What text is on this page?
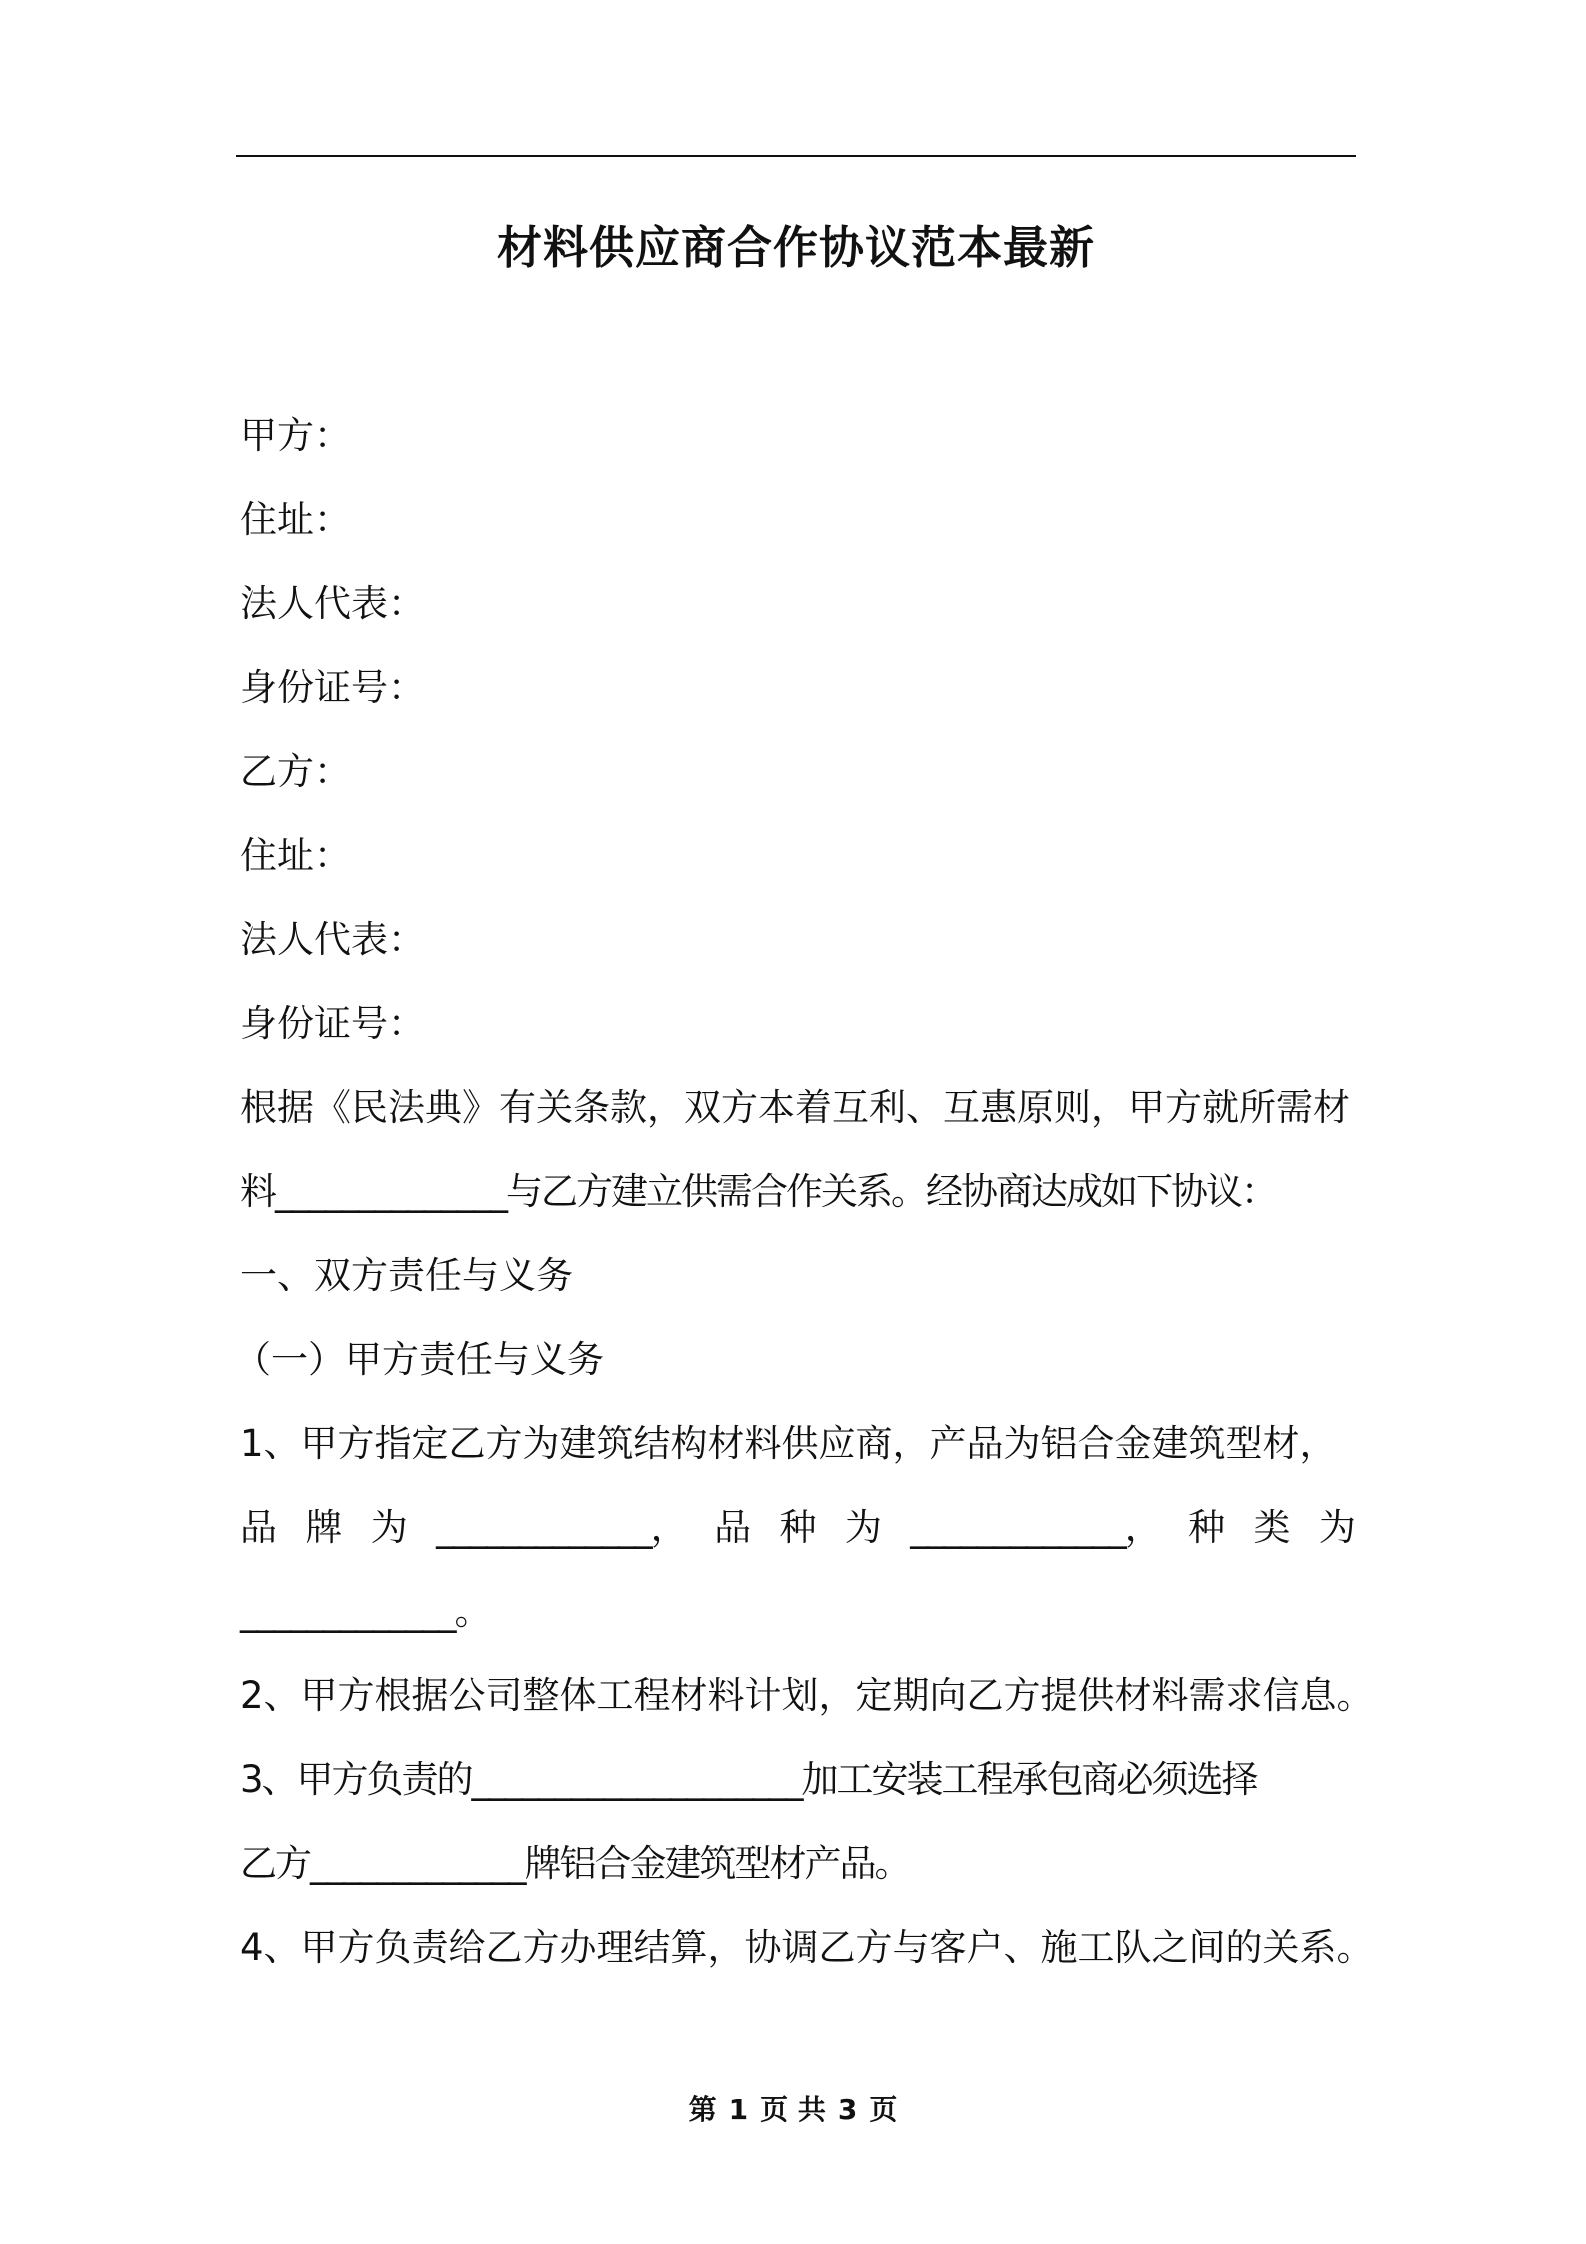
材料供应商合作协议范本最新
甲方：
住址：
法人代表：
身份证号：
乙方：
住址：
法人代表：
身份证号：
根据《民法典》有关条款，双方本着互利、互惠原则，甲方就所需材
料______________与乙方建立供需合作关系。经协商达成如下协议：
一、双方责任与义务
（一）甲方责任与义务
1、甲方指定乙方为建筑结构材料供应商，产品为铝合金建筑型材，
品 牌 为 _____________， 品 种 为 _____________， 种 类 为
_____________。
2、甲方根据公司整体工程材料计划，定期向乙方提供材料需求信息。
3、甲方负责的____________________加工安装工程承包商必须选择
乙方_____________牌铝合金建筑型材产品。
4、甲方负责给乙方办理结算，协调乙方与客户、施工队之间的关系。
第 1 页 共 3 页
